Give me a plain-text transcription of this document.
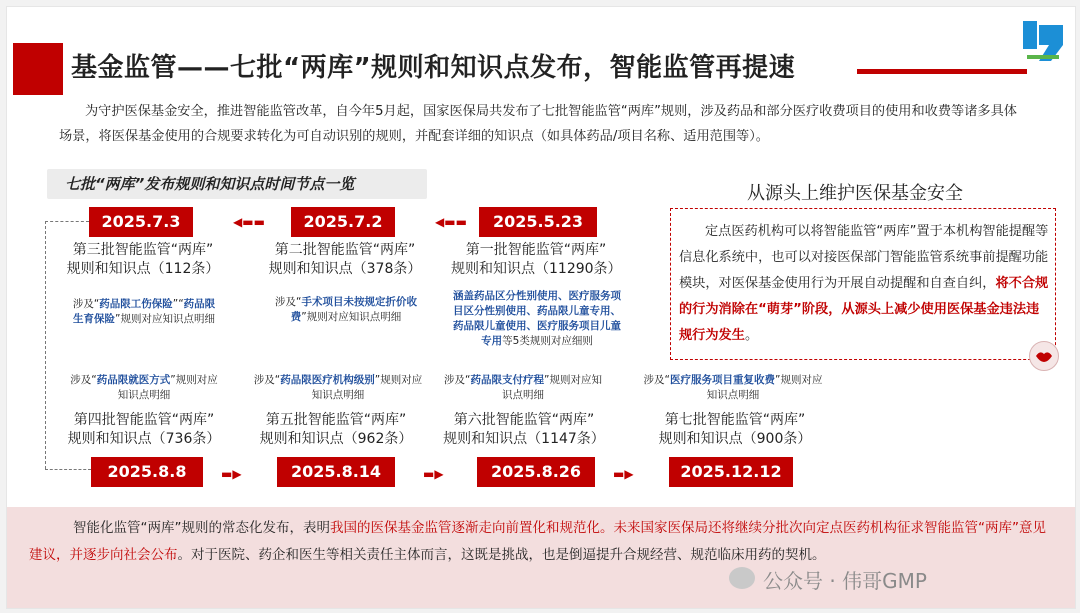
基金监管——七批“两库”规则和知识点发布，智能监管再提速
为守护医保基金安全，推进智能监管改革，自今年5月起，国家医保局共发布了七批智能监管“两库”规则，涉及药品和部分医疗收费项目的使用和收费等诸多具体场景，将医保基金使用的合规要求转化为可自动识别的规则，并配套详细的知识点（如具体药品/项目名称、适用范围等）。
七批“两库”发布规则和知识点时间节点一览
2025.7.3	◀▬▬	2025.7.2	◀▬▬	2025.5.23
第三批智能监管“两库”
规则和知识点（112条）
涉及“药品限工伤保险”“药品限生育保险”规则对应知识点明细
第二批智能监管“两库”
规则和知识点（378条）
涉及“手术项目未按规定折价收费”规则对应知识点明细
第一批智能监管“两库”
规则和知识点（11290条）
涵盖药品区分性别使用、医疗服务项目区分性别使用、药品限儿童专用、药品限儿童使用、医疗服务项目儿童专用等5类规则对应细则
涉及“药品限就医方式”规则对应知识点明细
涉及“药品限医疗机构级别”规则对应知识点明细
涉及“药品限支付疗程”规则对应知识点明细
涉及“医疗服务项目重复收费”规则对应知识点明细
第四批智能监管“两库”
规则和知识点（736条）
第五批智能监管“两库”
规则和知识点（962条）
第六批智能监管“两库”
规则和知识点（1147条）
第七批智能监管“两库”
规则和知识点（900条）
2025.8.8	▬▶	2025.8.14	▬▶	2025.8.26	▬▶	2025.12.12
从源头上维护医保基金安全
定点医药机构可以将智能监管“两库”置于本机构智能提醒等信息化系统中，也可以对接医保部门智能监管系统事前提醒功能模块，对医保基金使用行为开展自动提醒和自查自纠，将不合规的行为消除在“萌芽”阶段，从源头上减少使用医保基金违法违规行为发生。
智能化监管“两库”规则的常态化发布，表明我国的医保基金监管逐渐走向前置化和规范化。未来国家医保局还将继续分批次向定点医药机构征求智能监管“两库”意见建议，并逐步向社会公布。对于医院、药企和医生等相关责任主体而言，这既是挑战，也是倒逼提升合规经营、规范临床用药的契机。
公众号 · 伟哥GMP
